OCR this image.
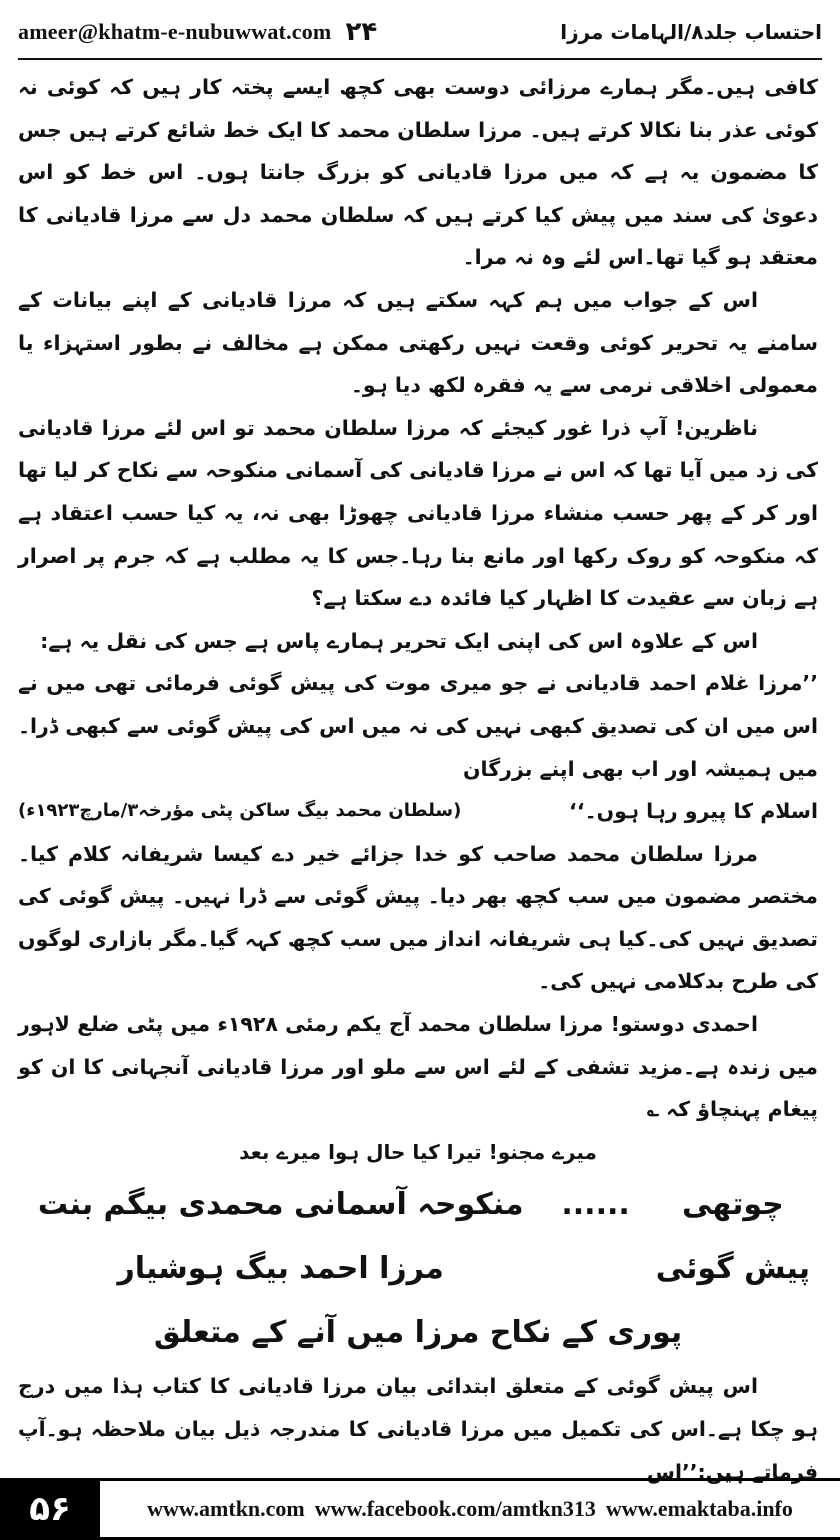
ameer@khatm-e-nubuwwat.com ۲۴	احتساب جلد۸/الہامات مرزا

کافی ہیں۔مگر ہمارے مرزائی دوست بھی کچھ ایسے پختہ کار ہیں کہ کوئی نہ کوئی عذر بنا نکالا کرتے ہیں۔ مرزا سلطان محمد کا ایک خط شائع کرتے ہیں جس کا مضمون یہ ہے کہ میں مرزا قادیانی کو بزرگ جانتا ہوں۔ اس خط کو اس دعویٰ کی سند میں پیش کیا کرتے ہیں کہ سلطان محمد دل سے مرزا قادیانی کا معتقد ہو گیا تھا۔اس لئے وہ نہ مرا۔

اس کے جواب میں ہم کہہ سکتے ہیں کہ مرزا قادیانی کے اپنے بیانات کے سامنے یہ تحریر کوئی وقعت نہیں رکھتی ممکن ہے مخالف نے بطور استہزاء یا معمولی اخلاقی نرمی سے یہ فقرہ لکھ دیا ہو۔

ناظرین! آپ ذرا غور کیجئے کہ مرزا سلطان محمد تو اس لئے مرزا قادیانی کی زد میں آیا تھا کہ اس نے مرزا قادیانی کی آسمانی منکوحہ سے نکاح کر لیا تھا اور کر کے پھر حسب منشاء مرزا قادیانی چھوڑا بھی نہ، یہ کیا حسب اعتقاد ہے کہ منکوحہ کو روک رکھا اور مانع بنا رہا۔جس کا یہ مطلب ہے کہ جرم پر اصرار ہے زبان سے عقیدت کا اظہار کیا فائدہ دے سکتا ہے؟

اس کے علاوہ اس کی اپنی ایک تحریر ہمارے پاس ہے جس کی نقل یہ ہے:

’’مرزا غلام احمد قادیانی نے جو میری موت کی پیش گوئی فرمائی تھی میں نے اس میں ان کی تصدیق کبھی نہیں کی نہ میں اس کی پیش گوئی سے کبھی ڈرا۔میں ہمیشہ اور اب بھی اپنے بزرگان

اسلام کا پیرو رہا ہوں۔‘‘
(سلطان محمد بیگ ساکن پٹی مؤرخہ۳/مارچ۱۹۲۳ء)

مرزا سلطان محمد صاحب کو خدا جزائے خیر دے کیسا شریفانہ کلام کیا۔مختصر مضمون میں سب کچھ بھر دیا۔ پیش گوئی سے ڈرا نہیں۔ پیش گوئی کی تصدیق نہیں کی۔کیا ہی شریفانہ انداز میں سب کچھ کہہ گیا۔مگر بازاری لوگوں کی طرح بدکلامی نہیں کی۔

احمدی دوستو! مرزا سلطان محمد آج یکم رمئی ۱۹۲۸ء میں پٹی ضلع لاہور میں زندہ ہے۔مزید تشفی کے لئے اس سے ملو اور مرزا قادیانی آنجہانی کا ان کو پیغام پہنچاؤ کہ ؎

میرے مجنو! تیرا کیا حال ہوا میرے بعد

چوتھی پیش گوئی
......
منکوحہ آسمانی محمدی بیگم بنت مرزا احمد بیگ ہوشیار
پوری کے نکاح مرزا میں آنے کے متعلق

اس پیش گوئی کے متعلق ابتدائی بیان مرزا قادیانی کا کتاب ہذا میں درج ہو چکا ہے۔اس کی تکمیل میں مرزا قادیانی کا مندرجہ ذیل بیان ملاحظہ ہو۔آپ فرماتے ہیں:’’اس

۵۶	www.amtkn.com www.facebook.com/amtkn313 www.emaktaba.info
